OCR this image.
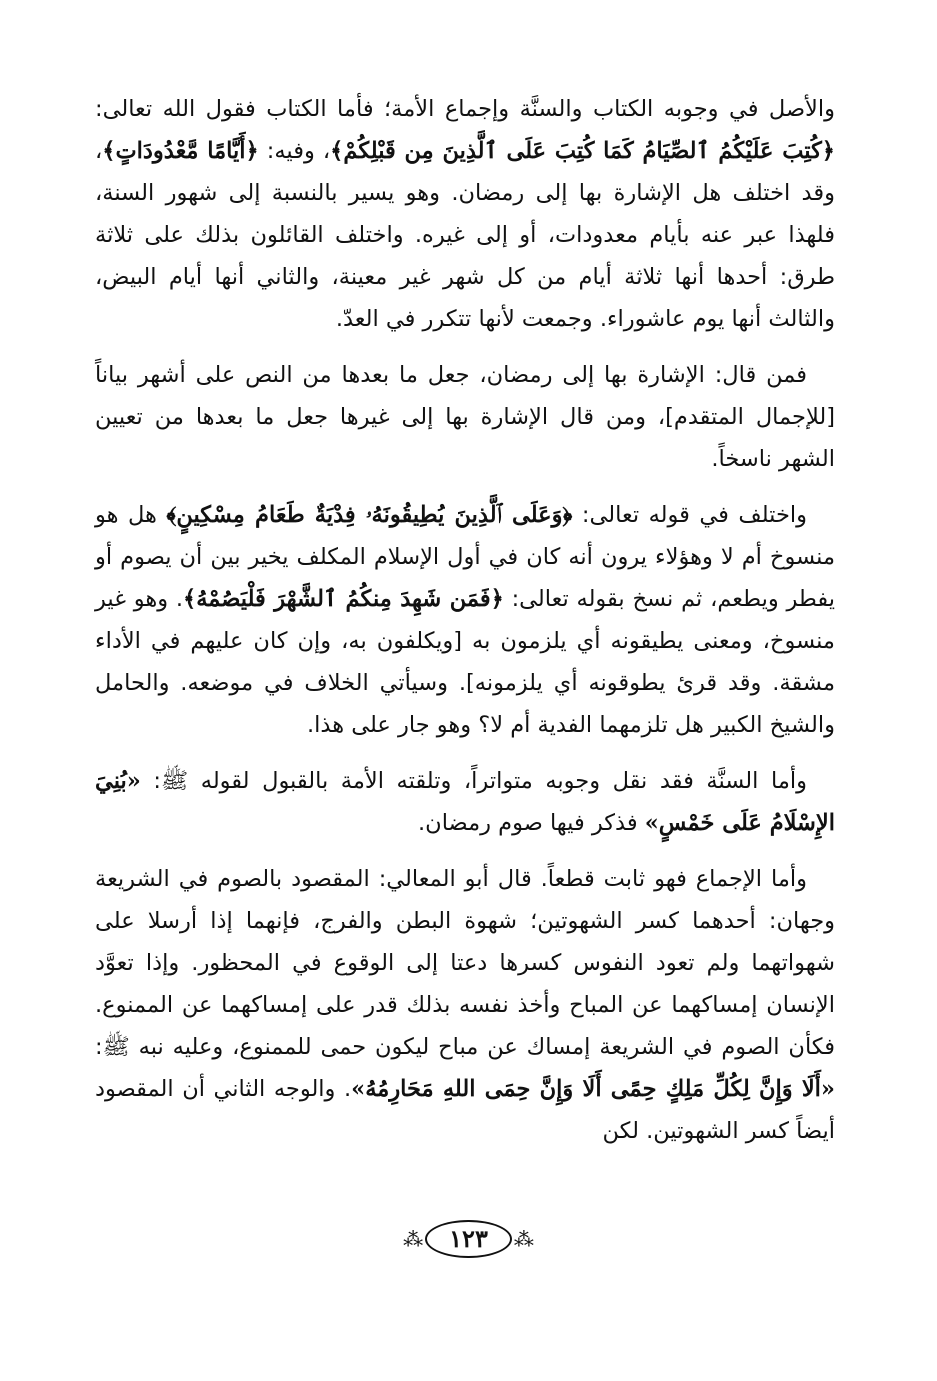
والأصل في وجوبه الكتاب والسنَّة وإجماع الأمة؛ فأما الكتاب فقول الله تعالى: ﴿كُتِبَ عَلَيْكُمُ ٱلصِّيَامُ كَمَا كُتِبَ عَلَى ٱلَّذِينَ مِن قَبْلِكُمْ﴾، وفيه: ﴿أَيَّامًا مَّعْدُودَاتٍ﴾، وقد اختلف هل الإشارة بها إلى رمضان. وهو يسير بالنسبة إلى شهور السنة، فلهذا عبر عنه بأيام معدودات، أو إلى غيره. واختلف القائلون بذلك على ثلاثة طرق: أحدها أنها ثلاثة أيام من كل شهر غير معينة، والثاني أنها أيام البيض، والثالث أنها يوم عاشوراء. وجمعت لأنها تتكرر في العدّ.

فمن قال: الإشارة بها إلى رمضان، جعل ما بعدها من النص على أشهر بياناً [للإجمال المتقدم]، ومن قال الإشارة بها إلى غيرها جعل ما بعدها من تعيين الشهر ناسخاً.

واختلف في قوله تعالى: ﴿وَعَلَى ٱلَّذِينَ يُطِيقُونَهُۥ فِدْيَةٌ طَعَامُ مِسْكِينٍ﴾ هل هو منسوخ أم لا وهؤلاء يرون أنه كان في أول الإسلام المكلف يخير بين أن يصوم أو يفطر ويطعم، ثم نسخ بقوله تعالى: ﴿فَمَن شَهِدَ مِنكُمُ ٱلشَّهْرَ فَلْيَصُمْهُ﴾. وهو غير منسوخ، ومعنى يطيقونه أي يلزمون به [ويكلفون به، وإن كان عليهم في الأداء مشقة. وقد قرئ يطوقونه أي يلزمونه]. وسيأتي الخلاف في موضعه. والحامل والشيخ الكبير هل تلزمهما الفدية أم لا؟ وهو جار على هذا.

وأما السنَّة فقد نقل وجوبه متواتراً، وتلقته الأمة بالقبول لقوله ﷺ: «بُنِيَ الإِسْلَامُ عَلَى خَمْسٍ» فذكر فيها صوم رمضان.

وأما الإجماع فهو ثابت قطعاً. قال أبو المعالي: المقصود بالصوم في الشريعة وجهان: أحدهما كسر الشهوتين؛ شهوة البطن والفرج، فإنهما إذا أرسلا على شهواتهما ولم تعود النفوس كسرها دعتا إلى الوقوع في المحظور. وإذا تعوَّد الإنسان إمساكهما عن المباح وأخذ نفسه بذلك قدر على إمساكهما عن الممنوع. فكأن الصوم في الشريعة إمساك عن مباح ليكون حمى للممنوع، وعليه نبه ﷺ: «أَلَا وَإِنَّ لِكُلِّ مَلِكٍ حِمًى أَلَا وَإِنَّ حِمَى اللهِ مَحَارِمُهُ». والوجه الثاني أن المقصود أيضاً كسر الشهوتين. لكن

⁂	١٢٣	⁂
